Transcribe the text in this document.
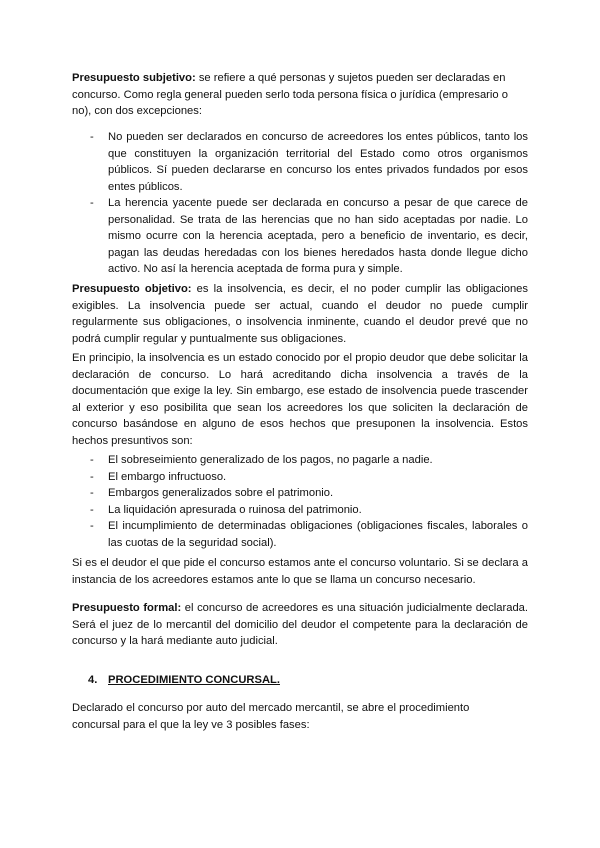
Presupuesto subjetivo: se refiere a qué personas y sujetos pueden ser declaradas en concurso. Como regla general pueden serlo toda persona física o jurídica (empresario o no), con dos excepciones:

- No pueden ser declarados en concurso de acreedores los entes públicos, tanto los que constituyen la organización territorial del Estado como otros organismos públicos. Sí pueden declararse en concurso los entes privados fundados por esos entes públicos.
- La herencia yacente puede ser declarada en concurso a pesar de que carece de personalidad. Se trata de las herencias que no han sido aceptadas por nadie. Lo mismo ocurre con la herencia aceptada, pero a beneficio de inventario, es decir, pagan las deudas heredadas con los bienes heredados hasta donde llegue dicho activo. No así la herencia aceptada de forma pura y simple.

Presupuesto objetivo: es la insolvencia, es decir, el no poder cumplir las obligaciones exigibles. La insolvencia puede ser actual, cuando el deudor no puede cumplir regularmente sus obligaciones, o insolvencia inminente, cuando el deudor prevé que no podrá cumplir regular y puntualmente sus obligaciones.

En principio, la insolvencia es un estado conocido por el propio deudor que debe solicitar la declaración de concurso. Lo hará acreditando dicha insolvencia a través de la documentación que exige la ley. Sin embargo, ese estado de insolvencia puede trascender al exterior y eso posibilita que sean los acreedores los que soliciten la declaración de concurso basándose en alguno de esos hechos que presuponen la insolvencia. Estos hechos presuntivos son:

- El sobreseimiento generalizado de los pagos, no pagarle a nadie.
- El embargo infructuoso.
- Embargos generalizados sobre el patrimonio.
- La liquidación apresurada o ruinosa del patrimonio.
- El incumplimiento de determinadas obligaciones (obligaciones fiscales, laborales o las cuotas de la seguridad social).

Si es el deudor el que pide el concurso estamos ante el concurso voluntario. Si se declara a instancia de los acreedores estamos ante lo que se llama un concurso necesario.

Presupuesto formal: el concurso de acreedores es una situación judicialmente declarada. Será el juez de lo mercantil del domicilio del deudor el competente para la declaración de concurso y la hará mediante auto judicial.

4. PROCEDIMIENTO CONCURSAL.

Declarado el concurso por auto del mercado mercantil, se abre el procedimiento concursal para el que la ley ve 3 posibles fases:
